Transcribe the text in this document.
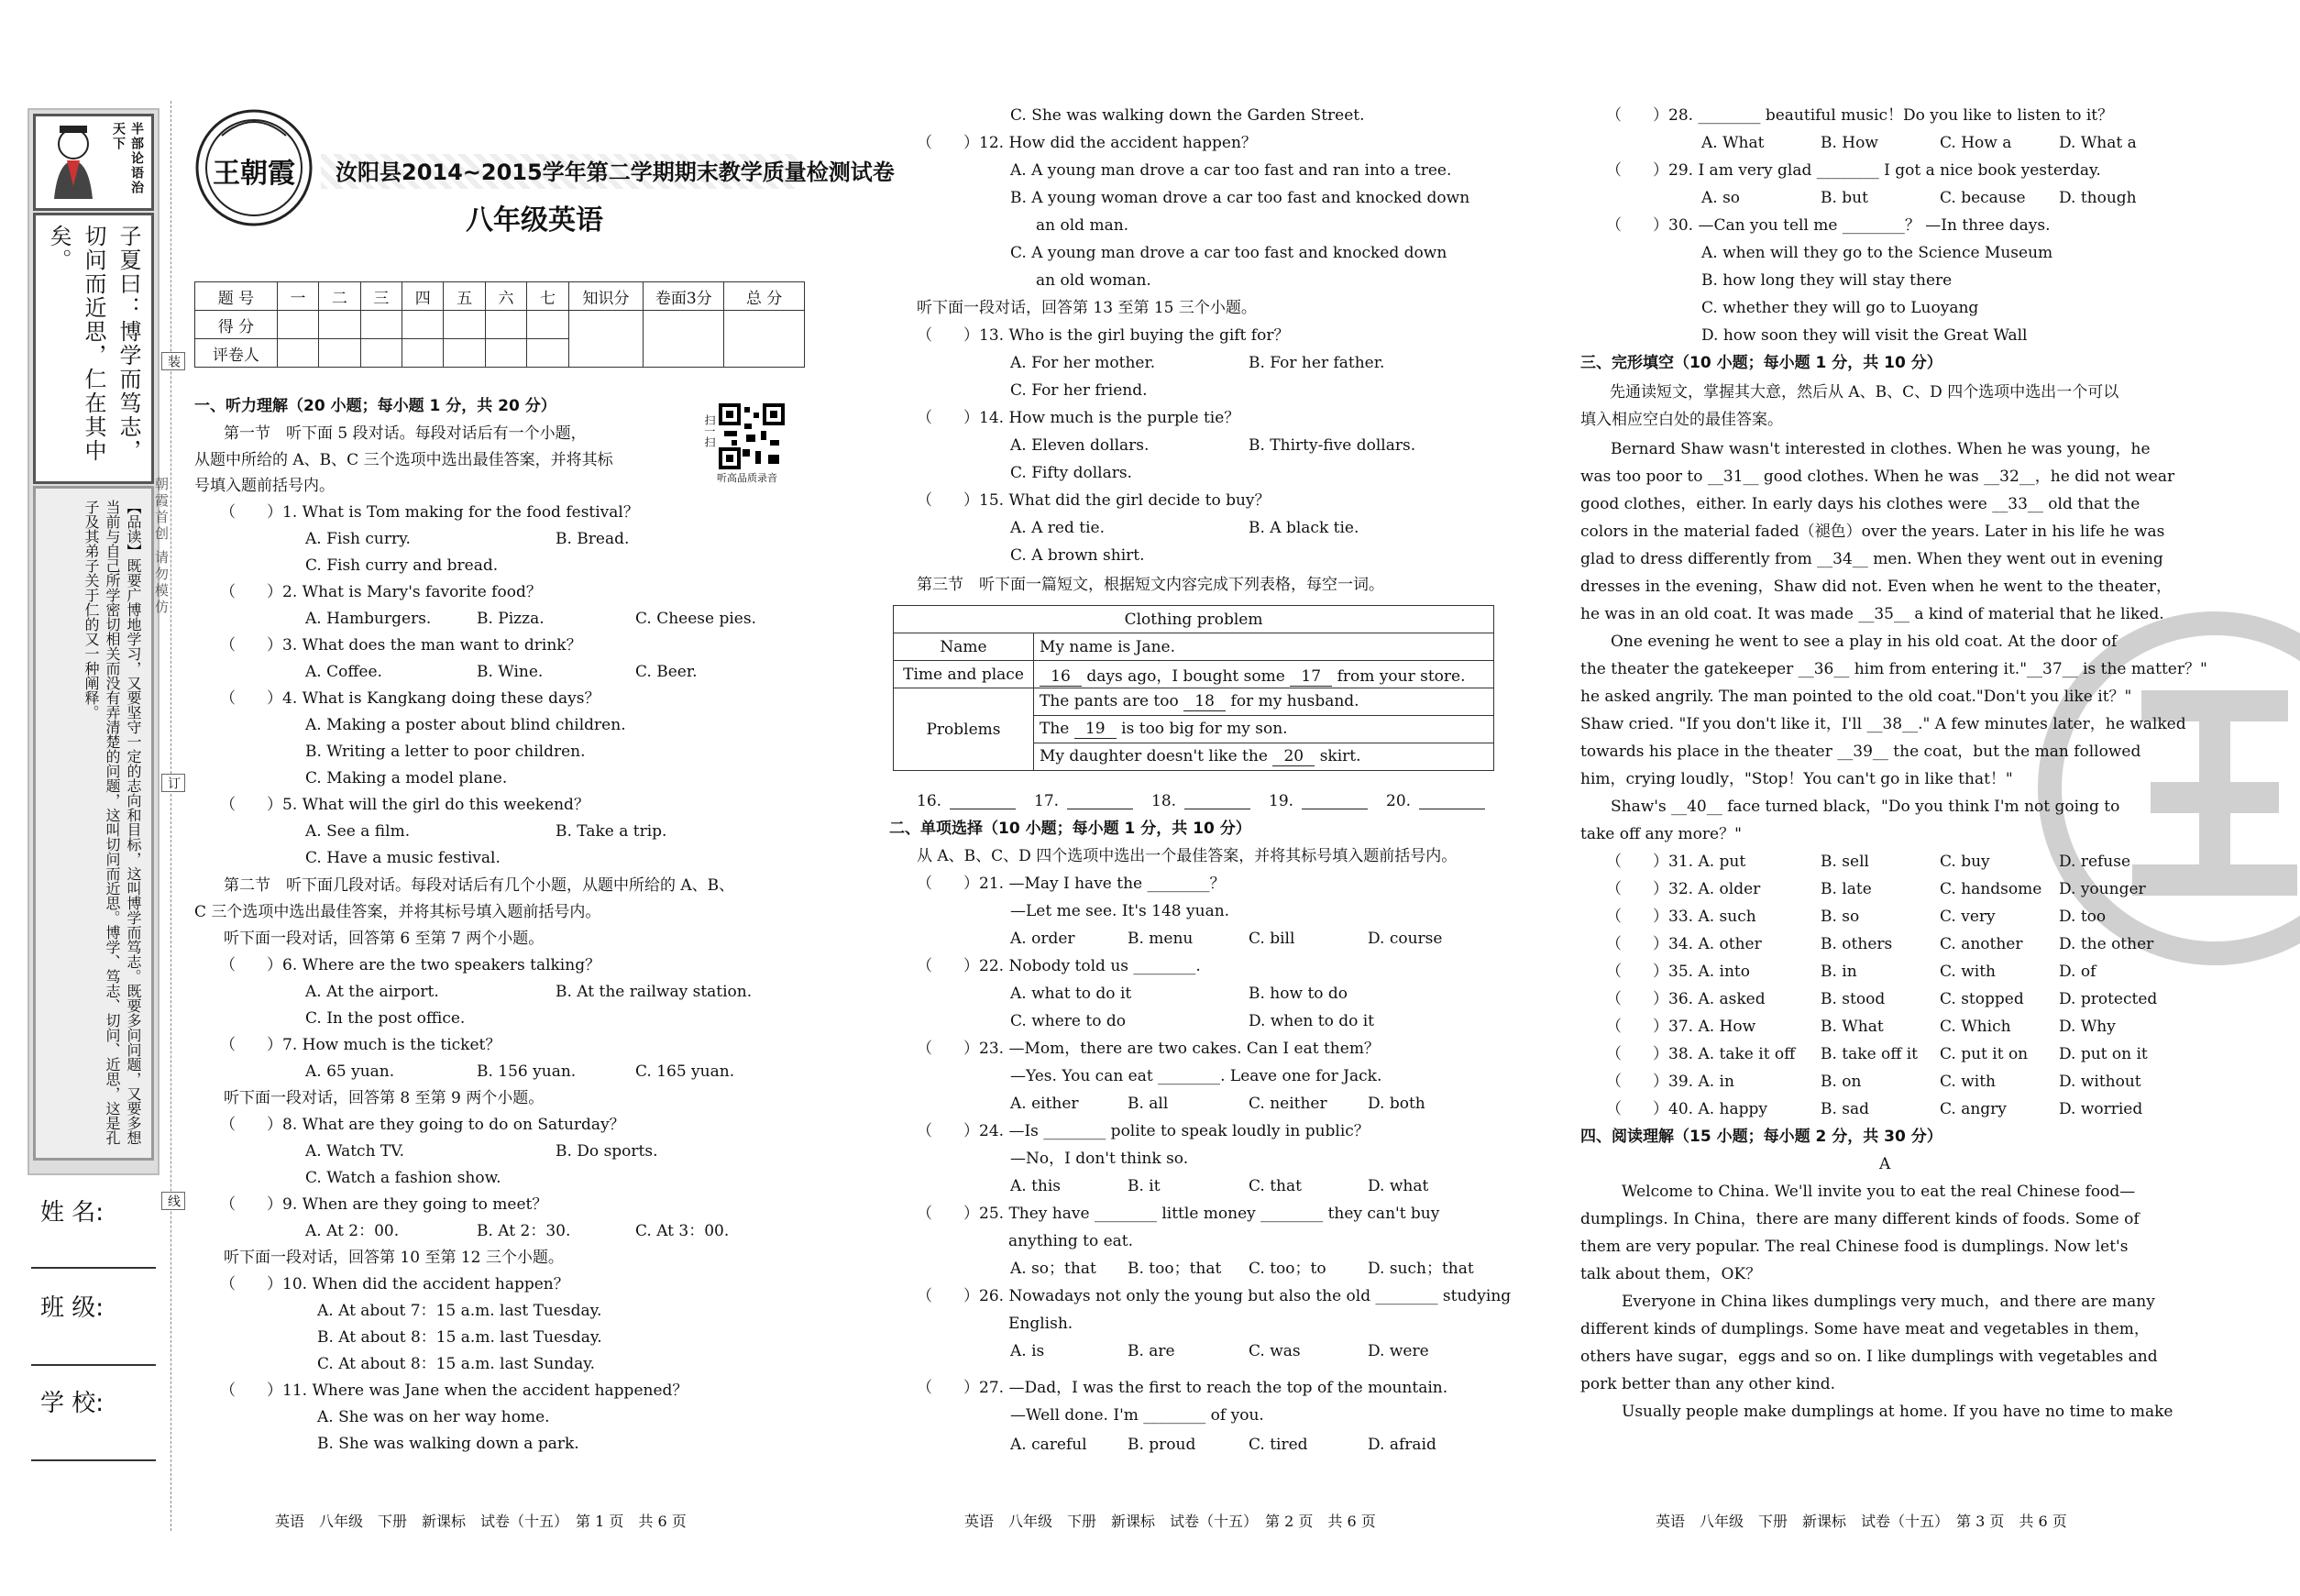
半部论语治天下
子夏曰：博学而笃志，切问而近思，仁在其中矣。
【品读】既要广博地学习，又要坚守一定的志向和目标，这叫博学而笃志。既要多问问题，又要多想当前与自己所学密切相关而没有弄清楚的问题，这叫切问而近思。博学、笃志、切问、近思，这是孔子及其弟子关于仁的又一种阐释。	朝霞首创 请勿模仿
装
订
线
姓 名:
班 级:
学 校:
王朝霞	汝阳县2014~2015学年第二学期期末教学质量检测试卷
八年级英语
题 号	一	二	三	四	五	六	七	知识分	卷面3分	总 分
得 分										
评卷人										
扫一扫
听高品质录音
一、听力理解（20 小题；每小题 1 分，共 20 分）
第一节　听下面 5 段对话。每段对话后有一个小题，
从题中所给的 A、B、C 三个选项中选出最佳答案，并将其标
号填入题前括号内。
（　　）1. What is Tom making for the food festival？
A. Fish curry.	B. Bread.
C. Fish curry and bread.
（　　）2. What is Mary's favorite food？
A. Hamburgers.	B. Pizza.	C. Cheese pies.
（　　）3. What does the man want to drink？
A. Coffee.	B. Wine.	C. Beer.
（　　）4. What is Kangkang doing these days？
A. Making a poster about blind children.
B. Writing a letter to poor children.
C. Making a model plane.
（　　）5. What will the girl do this weekend？
A. See a film.	B. Take a trip.
C. Have a music festival.
第二节　听下面几段对话。每段对话后有几个小题，从题中所给的 A、B、
C 三个选项中选出最佳答案，并将其标号填入题前括号内。
听下面一段对话，回答第 6 至第 7 两个小题。
（　　）6. Where are the two speakers talking？
A. At the airport.	B. At the railway station.
C. In the post office.
（　　）7. How much is the ticket？
A. 65 yuan.	B. 156 yuan.	C. 165 yuan.
听下面一段对话，回答第 8 至第 9 两个小题。
（　　）8. What are they going to do on Saturday？
A. Watch TV.	B. Do sports.
C. Watch a fashion show.
（　　）9. When are they going to meet？
A. At 2：00.	B. At 2：30.	C. At 3：00.
听下面一段对话，回答第 10 至第 12 三个小题。
（　　）10. When did the accident happen？
A. At about 7：15 a.m. last Tuesday.
B. At about 8：15 a.m. last Tuesday.
C. At about 8：15 a.m. last Sunday.
（　　）11. Where was Jane when the accident happened？
A. She was on her way home.
B. She was walking down a park.
英语　八年级　下册　新课标　试卷（十五）　第 1 页　共 6 页
C. She was walking down the Garden Street.
（　　）12. How did the accident happen？
A. A young man drove a car too fast and ran into a tree.
B. A young woman drove a car too fast and knocked down
an old man.
C. A young man drove a car too fast and knocked down
an old woman.
听下面一段对话，回答第 13 至第 15 三个小题。
（　　）13. Who is the girl buying the gift for？
A. For her mother.	B. For her father.
C. For her friend.
（　　）14. How much is the purple tie？
A. Eleven dollars.	B. Thirty-five dollars.
C. Fifty dollars.
（　　）15. What did the girl decide to buy？
A. A red tie.	B. A black tie.
C. A brown shirt.
第三节　听下面一篇短文，根据短文内容完成下列表格，每空一词。
Clothing problem	
Name	My name is Jane.
Time and place	16 days ago，I bought some 17 from your store.
Problems	The pants are too 18 for my husband.
	The 19 is too big for my son.
	My daughter doesn't like the 20 skirt.
16.	17.	18.	19.	20.
二、单项选择（10 小题；每小题 1 分，共 10 分）
从 A、B、C、D 四个选项中选出一个最佳答案，并将其标号填入题前括号内。
（　　）21. —May I have the ________？
—Let me see. It's 148 yuan.
A. order	B. menu	C. bill	D. course
（　　）22. Nobody told us ________.
A. what to do it	B. how to do
C. where to do	D. when to do it
（　　）23. —Mom，there are two cakes. Can I eat them？
—Yes. You can eat ________. Leave one for Jack.
A. either	B. all	C. neither	D. both
（　　）24. —Is ________ polite to speak loudly in public？
—No，I don't think so.
A. this	B. it	C. that	D. what
（　　）25. They have ________ little money ________ they can't buy
anything to eat.
A. so；that B. too；that C. too；to	D. such；that
（　　）26. Nowadays not only the young but also the old ________ studying
English.
A. is	B. are	C. was	D. were
（　　）27. —Dad，I was the first to reach the top of the mountain.
—Well done. I'm ________ of you.
A. careful	B. proud	C. tired	D. afraid
英语　八年级　下册　新课标　试卷（十五）　第 2 页　共 6 页
（　　）28. ________ beautiful music！Do you like to listen to it？
A. What	B. How	C. How a	D. What a
（　　）29. I am very glad ________ I got a nice book yesterday.
A. so	B. but	C. because D. though
（　　）30. —Can you tell me ________？ —In three days.
A. when will they go to the Science Museum
B. how long they will stay there
C. whether they will go to Luoyang
D. how soon they will visit the Great Wall
三、完形填空（10 小题；每小题 1 分，共 10 分）
先通读短文，掌握其大意，然后从 A、B、C、D 四个选项中选出一个可以
填入相应空白处的最佳答案。
　Bernard Shaw wasn't interested in clothes. When he was young，he
was too poor to __31__ good clothes. When he was __32__，he did not wear
good clothes，either. In early days his clothes were __33__ old that the
colors in the material faded（褪色）over the years. Later in his life he was
glad to dress differently from __34__ men. When they went out in evening
dresses in the evening，Shaw did not. Even when he went to the theater，
he was in an old coat. It was made __35__ a kind of material that he liked.
　One evening he went to see a play in his old coat. At the door of
the theater the gatekeeper __36__ him from entering it."__37__ is the matter？"
he asked angrily. The man pointed to the old coat."Don't you like it？"
Shaw cried. "If you don't like it，I'll __38__." A few minutes later，he walked
towards his place in the theater __39__ the coat，but the man followed
him，crying loudly，"Stop！You can't go in like that！"
　Shaw's __40__ face turned black，"Do you think I'm not going to
take off any more？"
（　　）31. A. put	B. sell	C. buy	D. refuse
（　　）32. A. older	B. late	C. handsome D. younger
（　　）33. A. such	B. so	C. very	D. too
（　　）34. A. other	B. others	C. another D. the other
（　　）35. A. into	B. in	C. with	D. of
（　　）36. A. asked	B. stood	C. stopped D. protected
（　　）37. A. How	B. What	C. Which	D. Why
（　　）38. A. take it off B. take off it C. put it on D. put on it
（　　）39. A. in	B. on	C. with	D. without
（　　）40. A. happy	B. sad	C. angry	D. worried
四、阅读理解（15 小题；每小题 2 分，共 30 分）
A
　Welcome to China. We'll invite you to eat the real Chinese food—
dumplings. In China，there are many different kinds of foods. Some of
them are very popular. The real Chinese food is dumplings. Now let's
talk about them，OK？
　Everyone in China likes dumplings very much，and there are many
different kinds of dumplings. Some have meat and vegetables in them，
others have sugar，eggs and so on. I like dumplings with vegetables and
pork better than any other kind.
　Usually people make dumplings at home. If you have no time to make
英语　八年级　下册　新课标　试卷（十五）　第 3 页　共 6 页
